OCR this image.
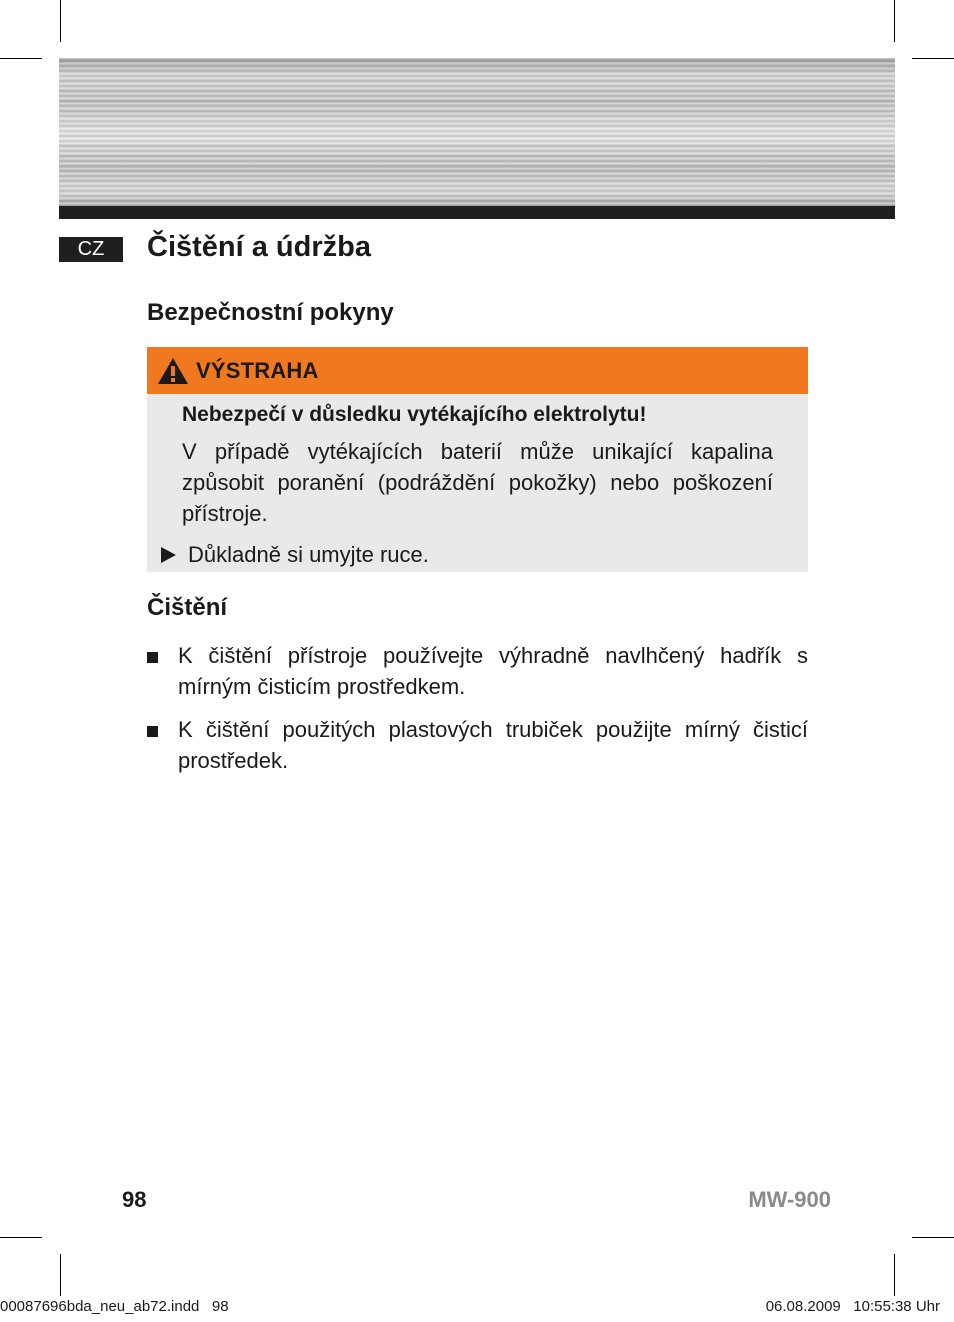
CZ	Čištění a údržba
Bezpečnostní pokyny
VÝSTRAHA

Nebezpečí v důsledku vytékajícího elektrolytu!

V případě vytékajících baterií může unikající kapalina způsobit poranění (podráždění pokožky) nebo poškození přístroje.

Důkladně si umyjte ruce.
Čištění
K čištění přístroje používejte výhradně navlhčený hadřík s mírným čisticím prostředkem.
K čištění použitých plastových trubiček použijte mírný čisticí prostředek.
98	MW-900
00087696bda_neu_ab72.indd   98	06.08.2009   10:55:38 Uhr
